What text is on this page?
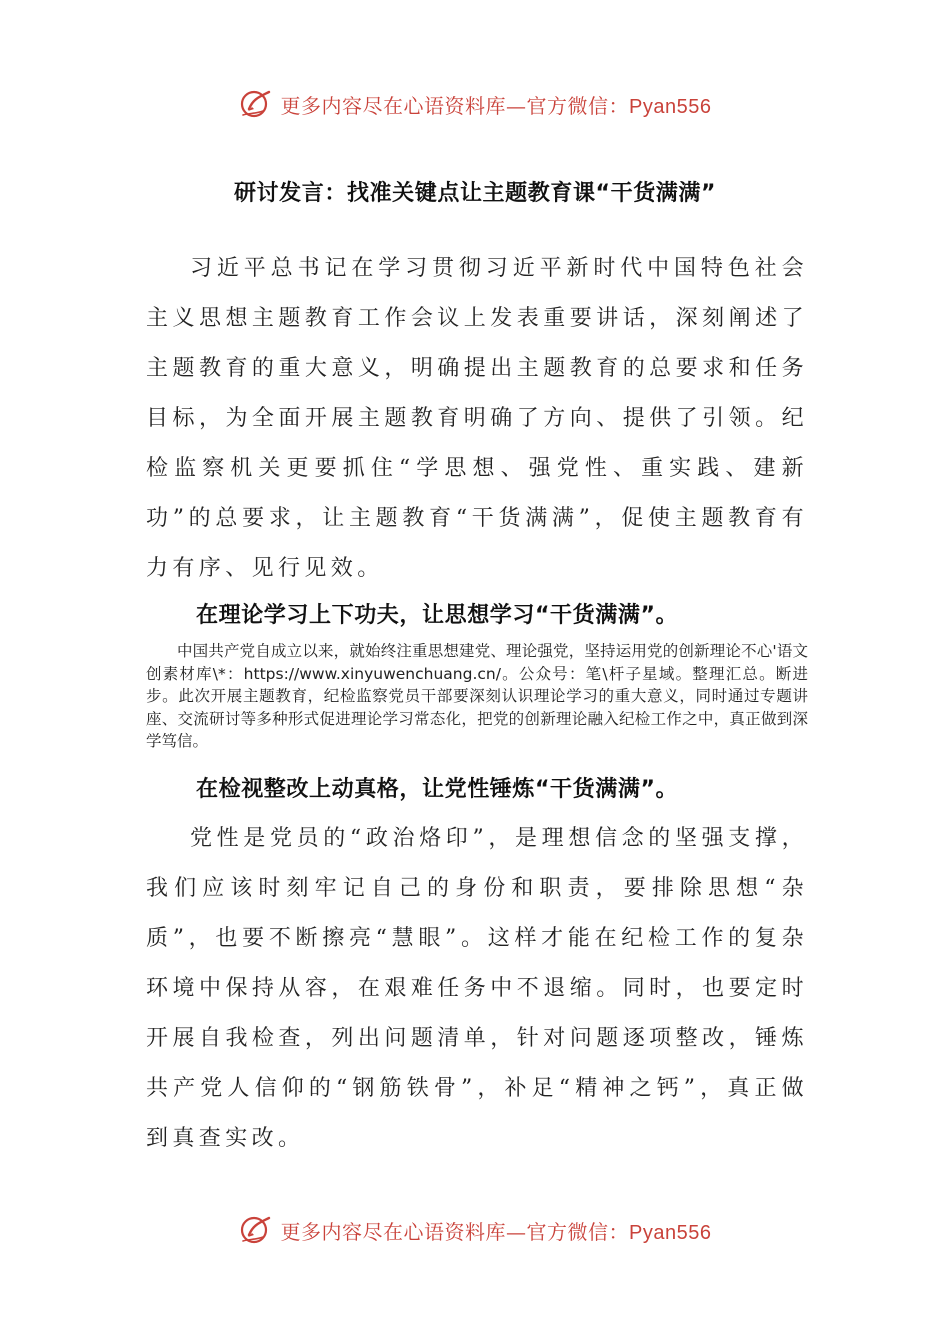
更多内容尽在心语资料库—官方微信：Pyan556
研讨发言：找准关键点让主题教育课“干货满满”

习近平总书记在学习贯彻习近平新时代中国特色社会主义思想主题教育工作会议上发表重要讲话，深刻阐述了主题教育的重大意义，明确提出主题教育的总要求和任务目标，为全面开展主题教育明确了方向、提供了引领。纪检监察机关更要抓住“学思想、强党性、重实践、建新功”的总要求，让主题教育“干货满满”，促使主题教育有力有序、见行见效。

在理论学习上下功夫，让思想学习“干货满满”。

中国共产党自成立以来，就始终注重思想建党、理论强党，坚持运用党的创新理论不心'语文创素材库\*：https://www.xinyuwenchuang.cn/。公众号：笔\杆子星域。整理汇总。断进步。此次开展主题教育，纪检监察党员干部要深刻认识理论学习的重大意义，同时通过专题讲座、交流研讨等多种形式促进理论学习常态化，把党的创新理论融入纪检工作之中，真正做到深学笃信。

在检视整改上动真格，让党性锤炼“干货满满”。

党性是党员的“政治烙印”，是理想信念的坚强支撑，我们应该时刻牢记自己的身份和职责，要排除思想“杂质”，也要不断擦亮“慧眼”。这样才能在纪检工作的复杂环境中保持从容，在艰难任务中不退缩。同时，也要定时开展自我检查，列出问题清单，针对问题逐项整改，锤炼共产党人信仰的“钢筋铁骨”，补足“精神之钙”，真正做到真查实改。

更多内容尽在心语资料库—官方微信：Pyan556
